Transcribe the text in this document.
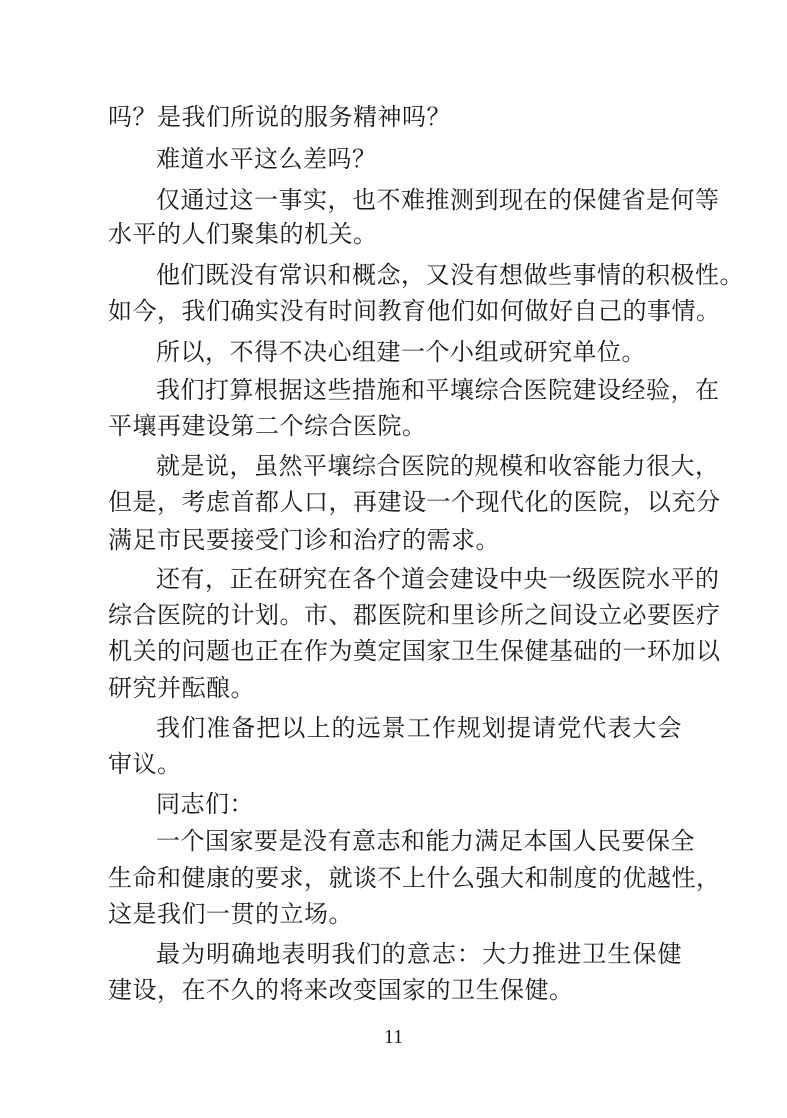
吗？是我们所说的服务精神吗？
难道水平这么差吗？
仅通过这一事实，也不难推测到现在的保健省是何等
水平的人们聚集的机关。
他们既没有常识和概念，又没有想做些事情的积极性。
如今，我们确实没有时间教育他们如何做好自己的事情。
所以，不得不决心组建一个小组或研究单位。
我们打算根据这些措施和平壤综合医院建设经验，在
平壤再建设第二个综合医院。
就是说，虽然平壤综合医院的规模和收容能力很大，
但是，考虑首都人口，再建设一个现代化的医院，以充分
满足市民要接受门诊和治疗的需求。
还有，正在研究在各个道会建设中央一级医院水平的
综合医院的计划。市、郡医院和里诊所之间设立必要医疗
机关的问题也正在作为奠定国家卫生保健基础的一环加以
研究并酝酿。
我们准备把以上的远景工作规划提请党代表大会
审议。
同志们：
一个国家要是没有意志和能力满足本国人民要保全
生命和健康的要求，就谈不上什么强大和制度的优越性，
这是我们一贯的立场。
最为明确地表明我们的意志：大力推进卫生保健
建设，在不久的将来改变国家的卫生保健。
11
